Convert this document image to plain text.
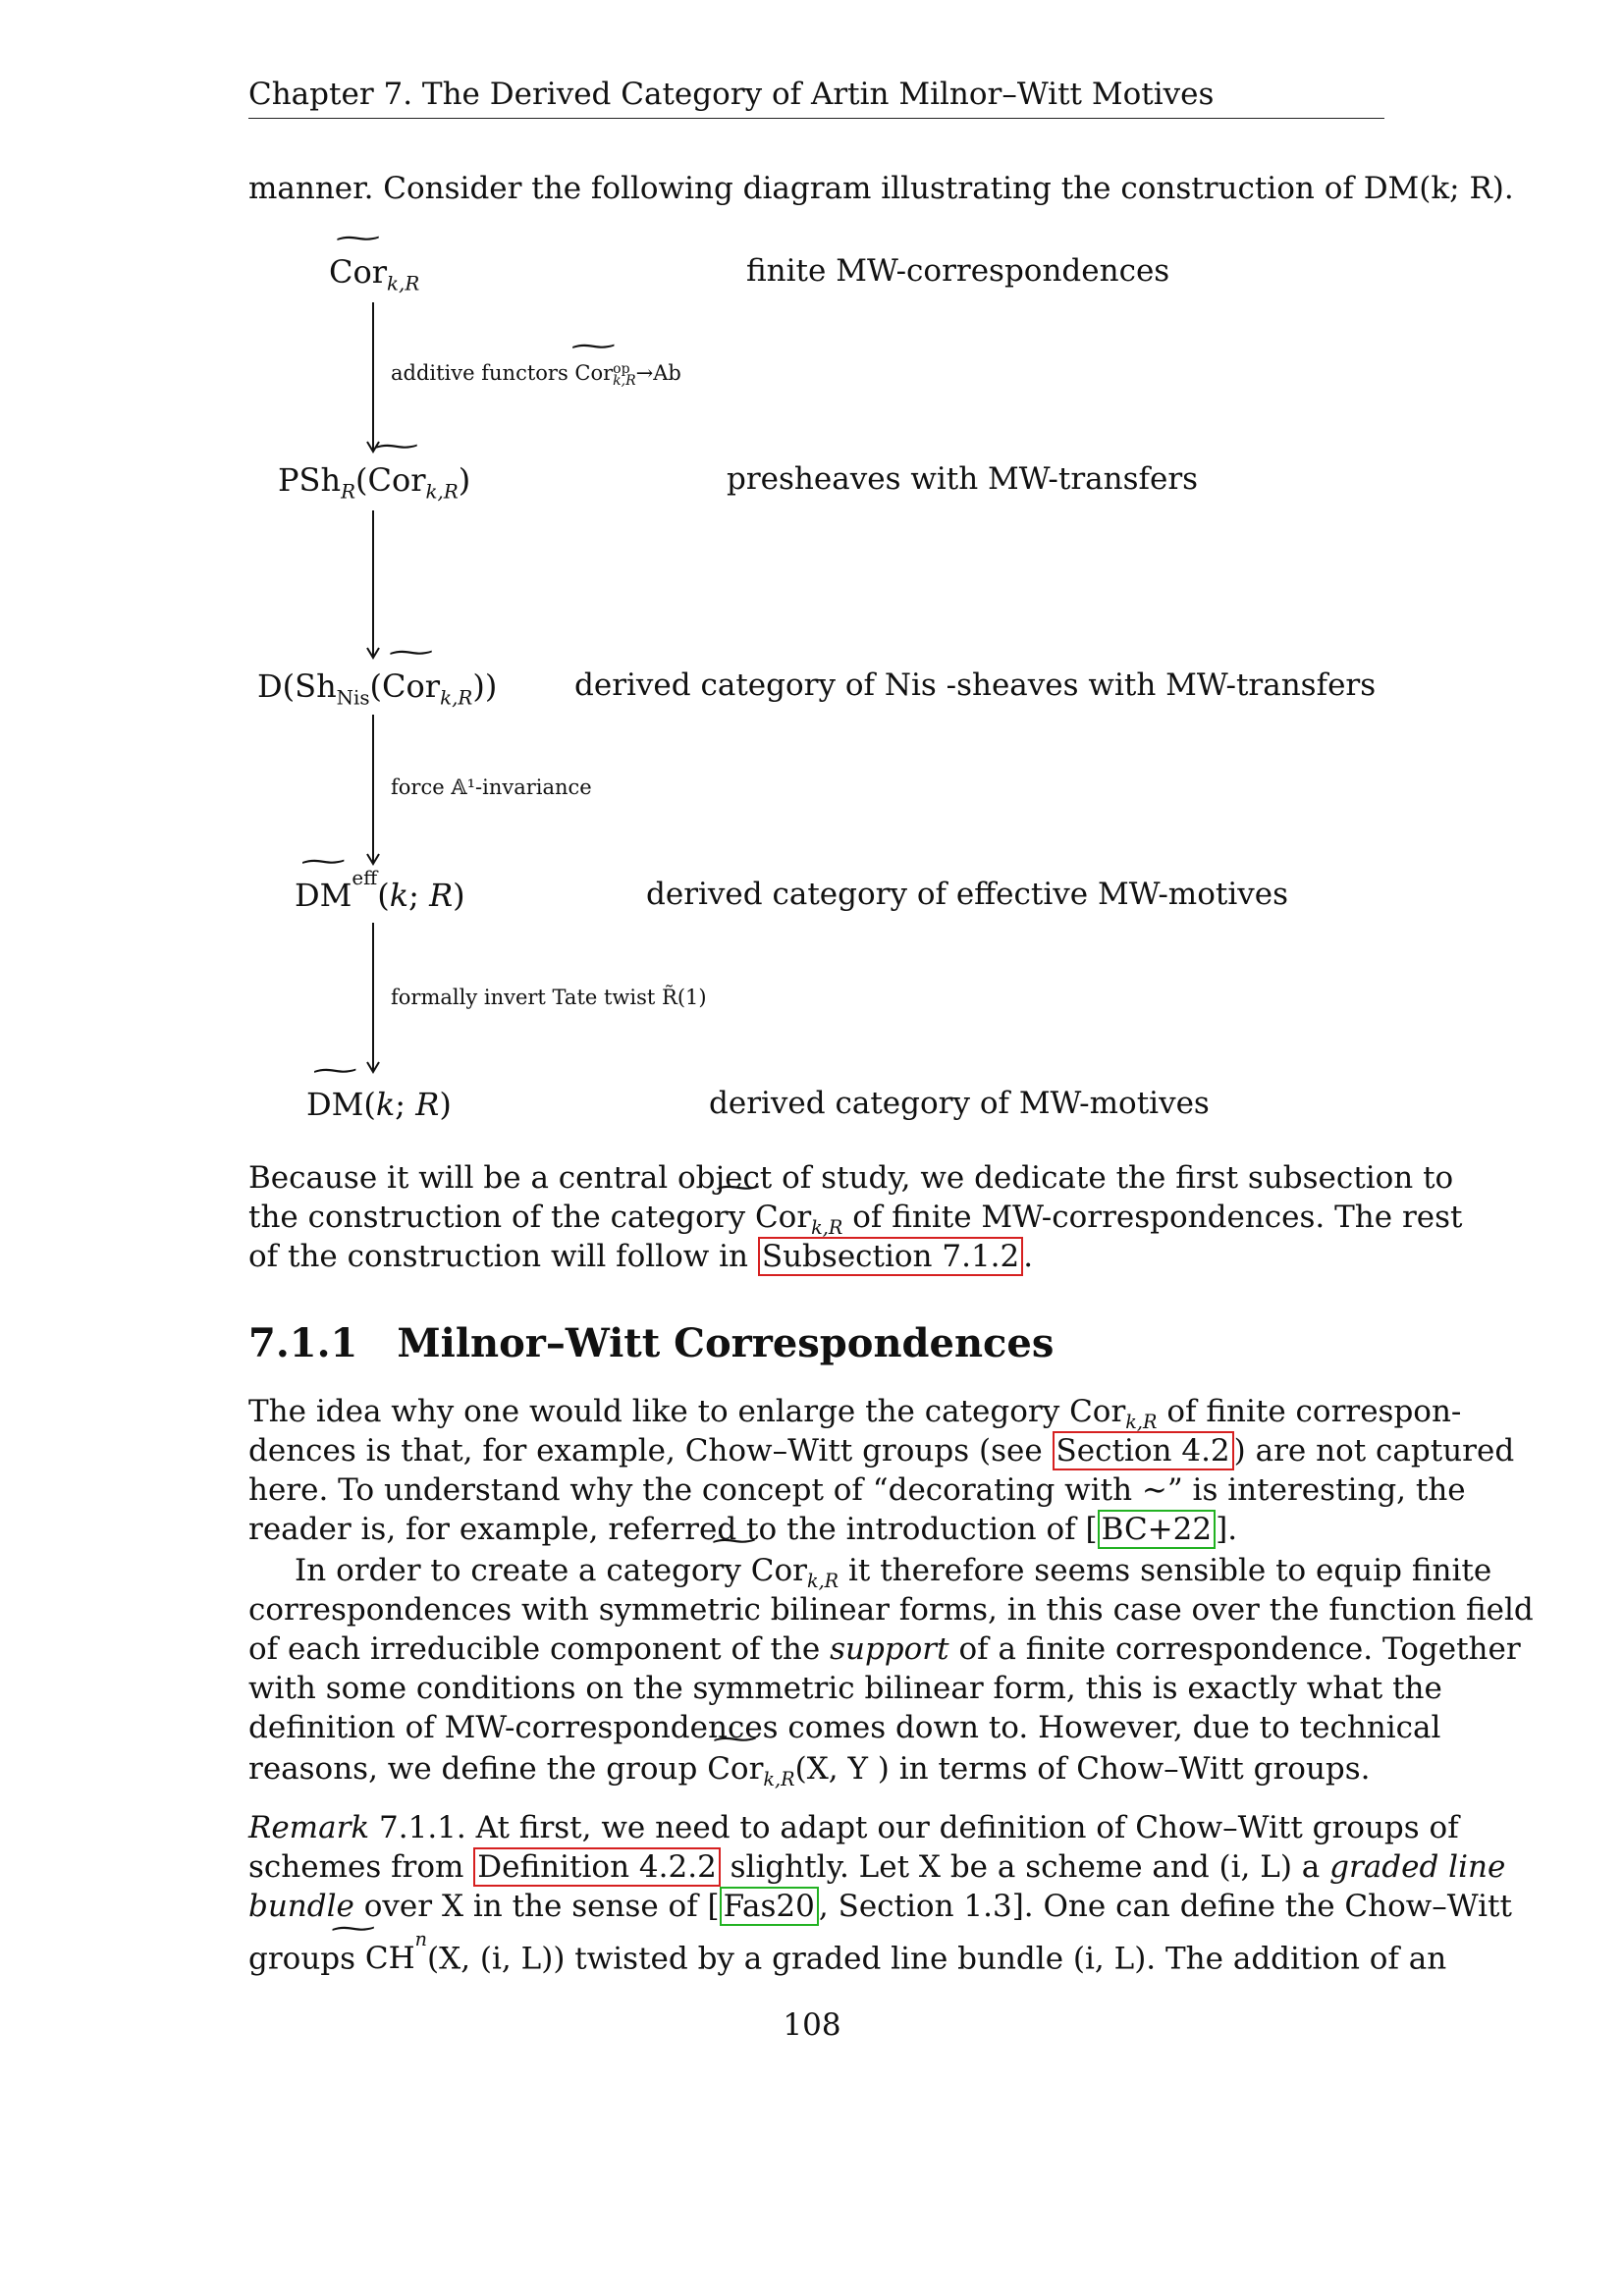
Chapter 7. The Derived Category of Artin Milnor–Witt Motives
manner. Consider the following diagram illustrating the construction of DM(k; R).
∼ Cor$_{k,R}$	finite MW-correspondences
PSh$_R$(∼ Cor$_{k,R}$)	presheaves with MW-transfers
$D(Sh_{Nis}(\sim$ Cor$_{k,R}$))	derived category of Nis -sheaves with MW-transfers
∼ $DM^{eff}(k$; R)	derived category of effective MW-motives
∼ DM(k; R)	derived category of MW-motives
additive functors ∼ Cor op
k,R →Ab
force 𝔸¹-invariance
formally invert Tate twist R̃(1)
Because it will be a central object of study, we dedicate the first subsection to
the construction of the category ∼ Cor$_{k,R}$ of finite MW-correspondences. The rest
of the construction will follow in Subsection 7.1.2 .
7.1.1 Milnor–Witt Correspondences
The idea why one would like to enlarge the category Cor$_{k,R}$ of finite correspon-
dences is that, for example, Chow–Witt groups (see Section 4.2 ) are not captured
here. To understand why the concept of “decorating with ∼” is interesting, the
reader is, for example, referred to the introduction of [ BC+22 ].
In order to create a category ∼ Cor$_{k,R}$ it therefore seems sensible to equip finite
correspondences with symmetric bilinear forms, in this case over the function field
of each irreducible component of the support of a finite correspondence. Together
with some conditions on the symmetric bilinear form, this is exactly what the
definition of MW-correspondences comes down to. However, due to technical
reasons, we define the group ∼ Cor$_{k,R}$(X, Y ) in terms of Chow–Witt groups.
Remark 7.1.1. At first, we need to adapt our definition of Chow–Witt groups of
schemes from Definition 4.2.2 slightly. Let X be a scheme and (i, L) a graded line
bundle over X in the sense of [ Fas20 , Section 1.3]. One can define the Chow–Witt
groups ∼ $CH^n(X$, (i, L)) twisted by a graded line bundle (i, L). The addition of an
108
